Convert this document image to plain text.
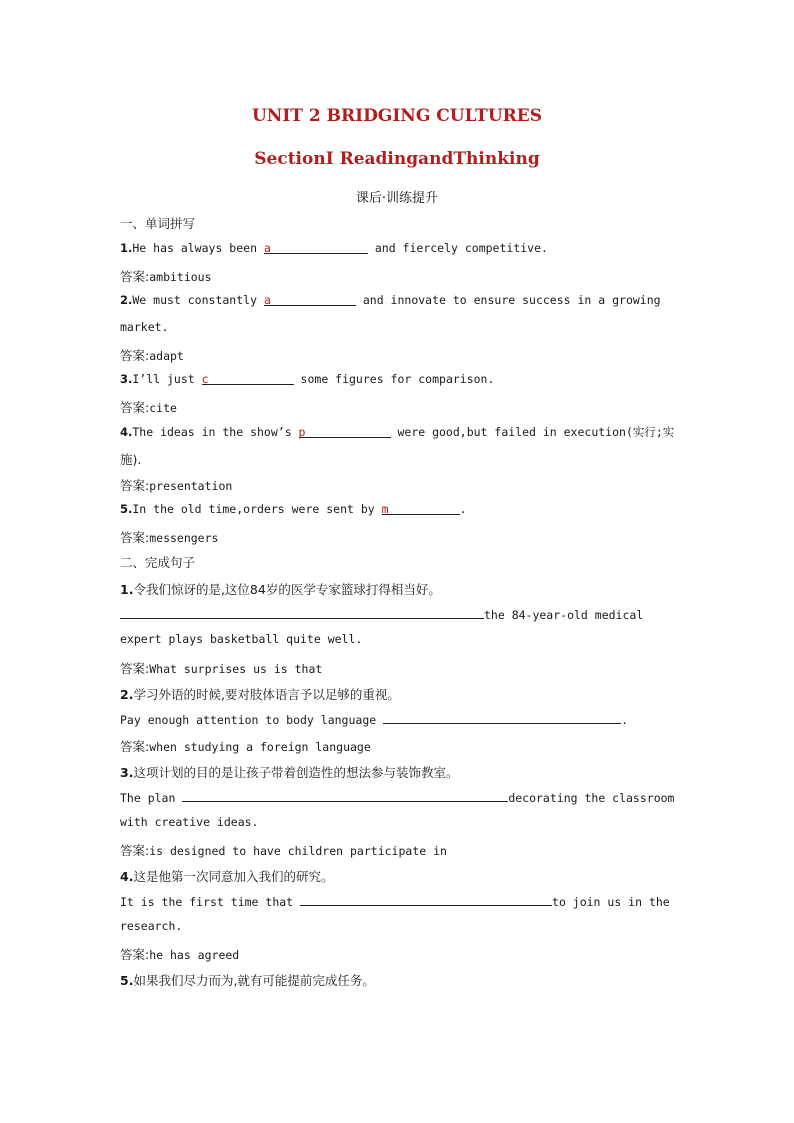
UNIT 2 BRIDGING CULTURES
SectionⅠ ReadingandThinking
课后·训练提升
一、单词拼写
1.He has always been a	and fiercely competitive.
答案:ambitious
2.We must constantly a	and innovate to ensure success in a growing
market.
答案:adapt
3.I’ll just c	some figures for comparison.
答案:cite
4.The ideas in the show’s p	were good,but failed in execution(实行;实
施).
答案:presentation
5.In the old time,orders were sent by m	.
答案:messengers
二、完成句子
1.令我们惊讶的是,这位84岁的医学专家篮球打得相当好。
the 84-year-old medical
expert plays basketball quite well.
答案:What surprises us is that
2.学习外语的时候,要对肢体语言予以足够的重视。
Pay enough attention to body language	.
答案:when studying a foreign language
3.这项计划的目的是让孩子带着创造性的想法参与装饰教室。
The plan	decorating the classroom
with creative ideas.
答案:is designed to have children participate in
4.这是他第一次同意加入我们的研究。
It is the first time that	to join us in the
research.
答案:he has agreed
5.如果我们尽力而为,就有可能提前完成任务。
